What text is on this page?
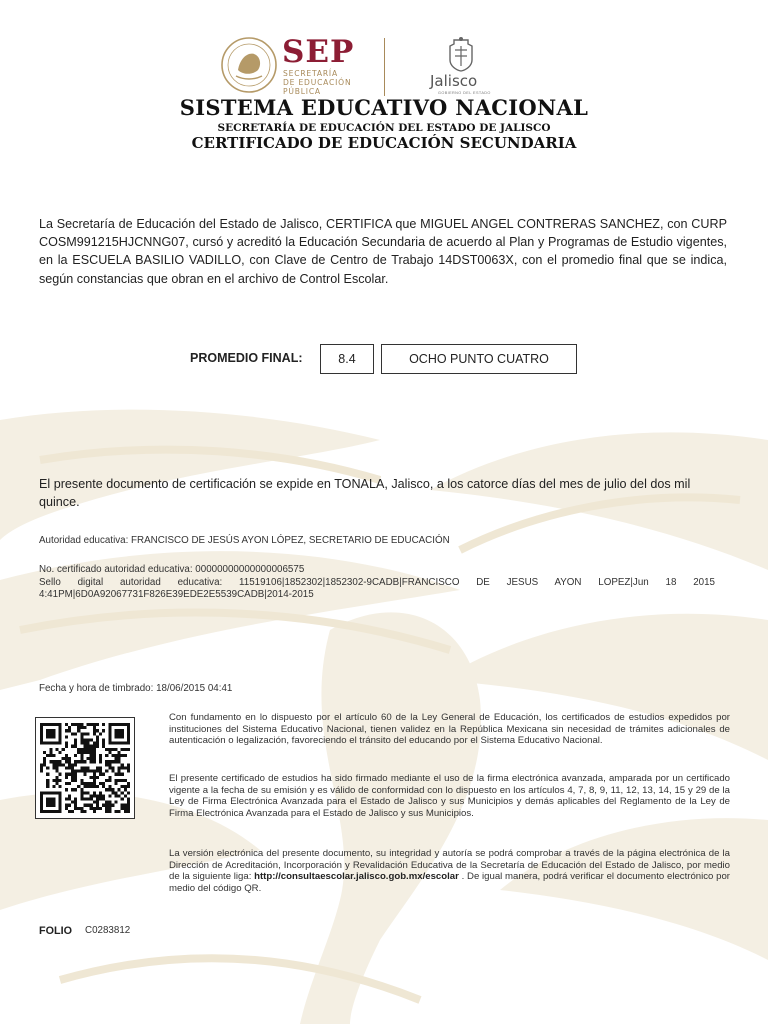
SEP
SECRETARÍA
DE EDUCACIÓN
PÚBLICA
Jalisco
GOBIERNO DEL ESTADO
SISTEMA EDUCATIVO NACIONAL
SECRETARÍA DE EDUCACIÓN DEL ESTADO DE JALISCO
CERTIFICADO DE EDUCACIÓN SECUNDARIA
La Secretaría de Educación del Estado de Jalisco, CERTIFICA que MIGUEL ANGEL CONTRERAS SANCHEZ, con CURP COSM991215HJCNNG07, cursó y acreditó la Educación Secundaria de acuerdo al Plan y Programas de Estudio vigentes, en la ESCUELA BASILIO VADILLO, con Clave de Centro de Trabajo 14DST0063X, con el promedio final que se indica, según constancias que obran en el archivo de Control Escolar.
PROMEDIO FINAL:	8.4	OCHO PUNTO CUATRO
El presente documento de certificación se expide en TONALA, Jalisco, a los catorce días del mes de julio del dos mil quince.
Autoridad educativa: FRANCISCO DE JESÚS AYON LÓPEZ, SECRETARIO DE EDUCACIÓN
No. certificado autoridad educativa: 00000000000000006575
Sello digital autoridad educativa: 11519106|1852302|1852302-9CADB|FRANCISCO DE JESUS AYON LOPEZ|Jun 18 2015 4:41PM|6D0A92067731F826E39EDE2E5539CADB|2014-2015
Fecha y hora de timbrado: 18/06/2015 04:41
Con fundamento en lo dispuesto por el artículo 60 de la Ley General de Educación, los certificados de estudios expedidos por instituciones del Sistema Educativo Nacional, tienen validez en la República Mexicana sin necesidad de trámites adicionales de autenticación o legalización, favoreciendo el tránsito del educando por el Sistema Educativo Nacional.
El presente certificado de estudios ha sido firmado mediante el uso de la firma electrónica avanzada, amparada por un certificado vigente a la fecha de su emisión y es válido de conformidad con lo dispuesto en los artículos 4, 7, 8, 9, 11, 12, 13, 14, 15 y 29 de la Ley de Firma Electrónica Avanzada para el Estado de Jalisco y sus Municipios y demás aplicables del Reglamento de la Ley de Firma Electrónica Avanzada para el Estado de Jalisco y sus Municipios.
La versión electrónica del presente documento, su integridad y autoría se podrá comprobar a través de la página electrónica de la Dirección de Acreditación, Incorporación y Revalidación Educativa de la Secretaría de Educación del Estado de Jalisco, por medio de la siguiente liga: http://consultaescolar.jalisco.gob.mx/escolar . De igual manera, podrá verificar el documento electrónico por medio del código QR.
FOLIO C0283812
